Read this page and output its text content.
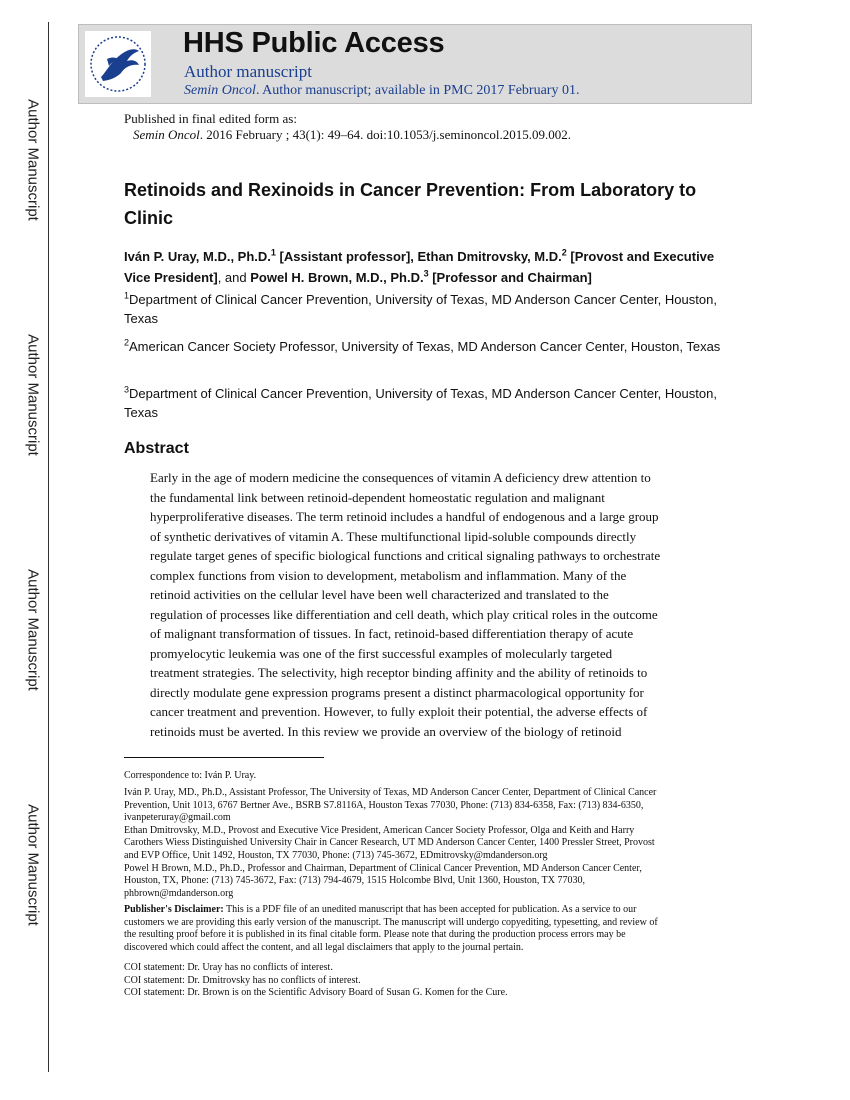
Author Manuscript
Author Manuscript
Author Manuscript
Author Manuscript
HHS Public Access
Author manuscript
Semin Oncol. Author manuscript; available in PMC 2017 February 01.
Published in final edited form as:
Semin Oncol. 2016 February ; 43(1): 49–64. doi:10.1053/j.seminoncol.2015.09.002.
Retinoids and Rexinoids in Cancer Prevention: From Laboratory to Clinic
Iván P. Uray, M.D., Ph.D.$^1$ [Assistant professor], Ethan Dmitrovsky, M.D.$^2$ [Provost and Executive Vice President], and Powel H. Brown, M.D., Ph.D.$^3$ [Professor and Chairman]
$^1$Department of Clinical Cancer Prevention, University of Texas, MD Anderson Cancer Center, Houston, Texas
$^2$American Cancer Society Professor, University of Texas, MD Anderson Cancer Center, Houston, Texas
$^3$Department of Clinical Cancer Prevention, University of Texas, MD Anderson Cancer Center, Houston, Texas
Abstract
Early in the age of modern medicine the consequences of vitamin A deficiency drew attention to
the fundamental link between retinoid-dependent homeostatic regulation and malignant
hyperproliferative diseases. The term retinoid includes a handful of endogenous and a large group
of synthetic derivatives of vitamin A. These multifunctional lipid-soluble compounds directly
regulate target genes of specific biological functions and critical signaling pathways to orchestrate
complex functions from vision to development, metabolism and inflammation. Many of the
retinoid activities on the cellular level have been well characterized and translated to the
regulation of processes like differentiation and cell death, which play critical roles in the outcome
of malignant transformation of tissues. In fact, retinoid-based differentiation therapy of acute
promyelocytic leukemia was one of the first successful examples of molecularly targeted
treatment strategies. The selectivity, high receptor binding affinity and the ability of retinoids to
directly modulate gene expression programs present a distinct pharmacological opportunity for
cancer treatment and prevention. However, to fully exploit their potential, the adverse effects of
retinoids must be averted. In this review we provide an overview of the biology of retinoid
Correspondence to: Iván P. Uray.
Iván P. Uray, MD., Ph.D., Assistant Professor, The University of Texas, MD Anderson Cancer Center, Department of Clinical Cancer
Prevention, Unit 1013, 6767 Bertner Ave., BSRB S7.8116A, Houston Texas 77030, Phone: (713) 834-6358, Fax: (713) 834-6350,
ivanpeteruray@gmail.com
Ethan Dmitrovsky, M.D., Provost and Executive Vice President, American Cancer Society Professor, Olga and Keith and Harry
Carothers Wiess Distinguished University Chair in Cancer Research, UT MD Anderson Cancer Center, 1400 Pressler Street, Provost
and EVP Office, Unit 1492, Houston, TX 77030, Phone: (713) 745-3672, EDmitrovsky@mdanderson.org
Powel H Brown, M.D., Ph.D., Professor and Chairman, Department of Clinical Cancer Prevention, MD Anderson Cancer Center,
Houston, TX, Phone: (713) 745-3672, Fax: (713) 794-4679, 1515 Holcombe Blvd, Unit 1360, Houston, TX 77030,
phbrown@mdanderson.org
Publisher's Disclaimer: This is a PDF file of an unedited manuscript that has been accepted for publication. As a service to our
customers we are providing this early version of the manuscript. The manuscript will undergo copyediting, typesetting, and review of
the resulting proof before it is published in its final citable form. Please note that during the production process errors may be
discovered which could affect the content, and all legal disclaimers that apply to the journal pertain.
COI statement: Dr. Uray has no conflicts of interest.
COI statement: Dr. Dmitrovsky has no conflicts of interest.
COI statement: Dr. Brown is on the Scientific Advisory Board of Susan G. Komen for the Cure.
